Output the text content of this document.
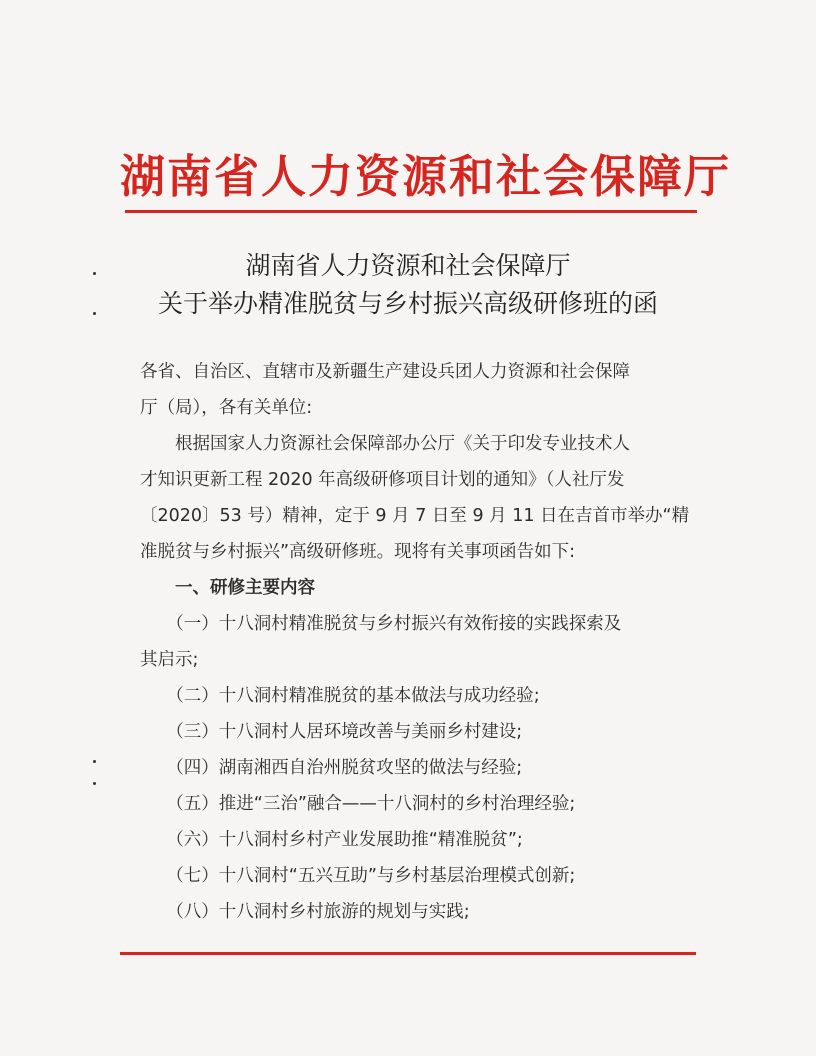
湖南省人力资源和社会保障厅
湖南省人力资源和社会保障厅
关于举办精准脱贫与乡村振兴高级研修班的函
各省、自治区、直辖市及新疆生产建设兵团人力资源和社会保障
厅（局），各有关单位:
　　根据国家人力资源社会保障部办公厅《关于印发专业技术人
才知识更新工程 2020 年高级研修项目计划的通知》（人社厅发
〔2020〕53 号）精神，定于 9 月 7 日至 9 月 11 日在吉首市举办“精
准脱贫与乡村振兴”高级研修班。现将有关事项函告如下:
　　一、研修主要内容
　　（一）十八洞村精准脱贫与乡村振兴有效衔接的实践探索及
其启示;
　　（二）十八洞村精准脱贫的基本做法与成功经验;
　　（三）十八洞村人居环境改善与美丽乡村建设;
　　（四）湖南湘西自治州脱贫攻坚的做法与经验;
　　（五）推进“三治”融合——十八洞村的乡村治理经验;
　　（六）十八洞村乡村产业发展助推“精准脱贫”;
　　（七）十八洞村“五兴互助”与乡村基层治理模式创新;
　　（八）十八洞村乡村旅游的规划与实践;
